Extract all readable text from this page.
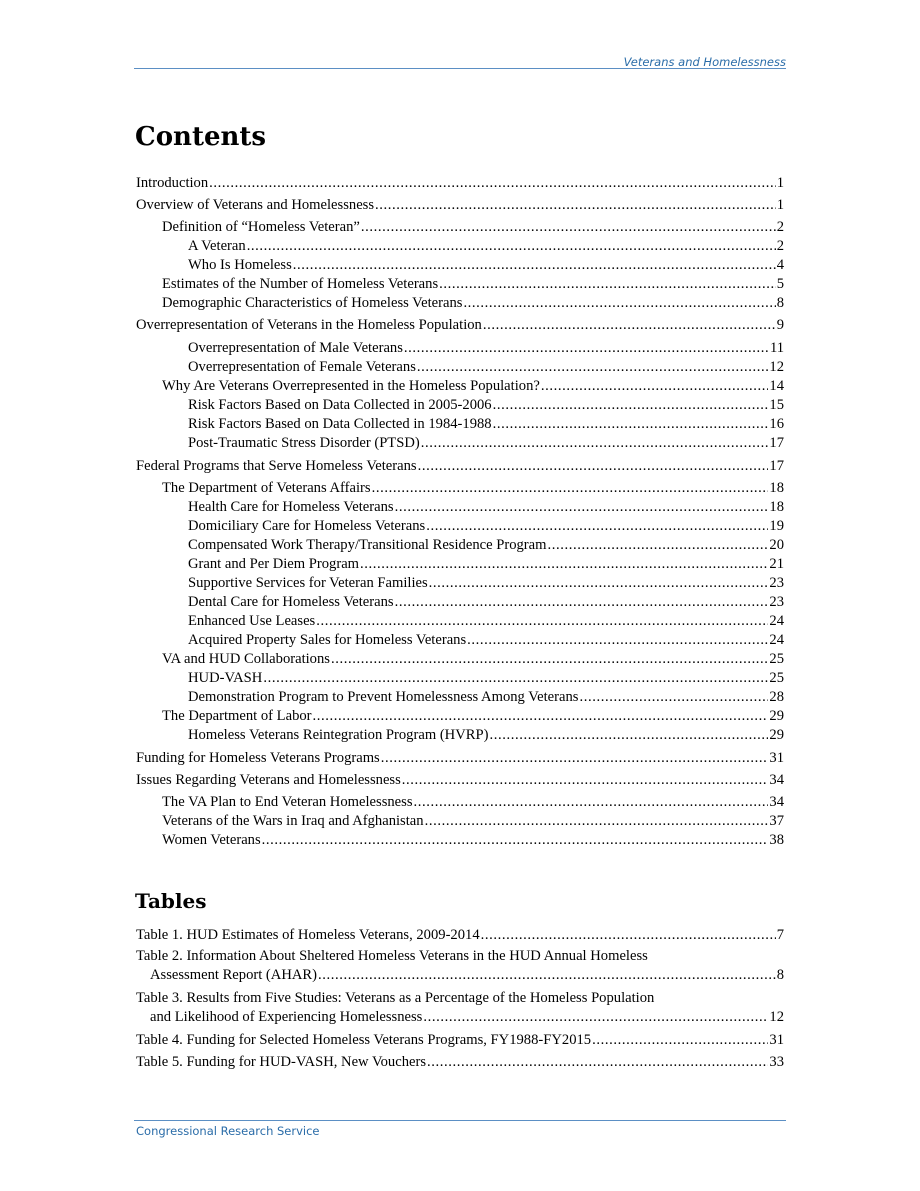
Veterans and Homelessness
Contents
Introduction .....	1
Overview of Veterans and Homelessness .....	1
Definition of “Homeless Veteran” .....	2
A Veteran .....	2
Who Is Homeless .....	4
Estimates of the Number of Homeless Veterans .....	5
Demographic Characteristics of Homeless Veterans .....	8
Overrepresentation of Veterans in the Homeless Population .....	9
Overrepresentation of Male Veterans .....	11
Overrepresentation of Female Veterans .....	12
Why Are Veterans Overrepresented in the Homeless Population? .....	14
Risk Factors Based on Data Collected in 2005-2006 .....	15
Risk Factors Based on Data Collected in 1984-1988 .....	16
Post-Traumatic Stress Disorder (PTSD) .....	17
Federal Programs that Serve Homeless Veterans .....	17
The Department of Veterans Affairs .....	18
Health Care for Homeless Veterans .....	18
Domiciliary Care for Homeless Veterans .....	19
Compensated Work Therapy/Transitional Residence Program .....	20
Grant and Per Diem Program .....	21
Supportive Services for Veteran Families .....	23
Dental Care for Homeless Veterans .....	23
Enhanced Use Leases .....	24
Acquired Property Sales for Homeless Veterans .....	24
VA and HUD Collaborations .....	25
HUD-VASH .....	25
Demonstration Program to Prevent Homelessness Among Veterans .....	28
The Department of Labor .....	29
Homeless Veterans Reintegration Program (HVRP) .....	29
Funding for Homeless Veterans Programs .....	31
Issues Regarding Veterans and Homelessness .....	34
The VA Plan to End Veteran Homelessness .....	34
Veterans of the Wars in Iraq and Afghanistan .....	37
Women Veterans .....	38
Tables
Table 1. HUD Estimates of Homeless Veterans, 2009-2014 .....	7
Table 2. Information About Sheltered Homeless Veterans in the HUD Annual Homeless
Assessment Report (AHAR) .....	8
Table 3. Results from Five Studies: Veterans as a Percentage of the Homeless Population
and Likelihood of Experiencing Homelessness .....	12
Table 4. Funding for Selected Homeless Veterans Programs, FY1988-FY2015 .....	31
Table 5. Funding for HUD-VASH, New Vouchers .....	33
Congressional Research Service
